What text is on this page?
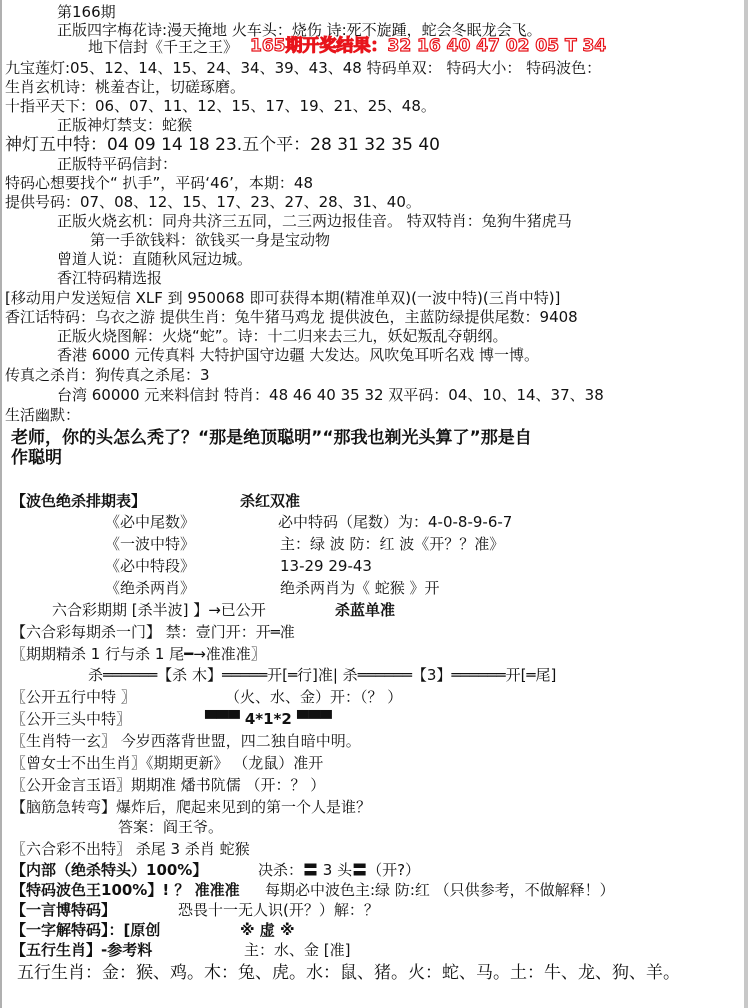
第166期
正版四字梅花诗:漫天掩地 火车头：烧伤 诗:死不旋踵，蛇会冬眠龙会飞。
地下信封《千王之王》 165期开奖结果：32 16 40 47 02 05 T 34
九宝莲灯:05、12、14、15、24、34、39、43、48 特码单双： 特码大小： 特码波色：
生肖玄机诗：桃羞杏让，切磋琢磨。
十指平天下：06、07、11、12、15、17、19、21、25、48。
正版神灯禁支：蛇猴
神灯五中特：04 09 14 18 23.五个平：28 31 32 35 40
正版特平码信封：
特码心想要找个“ 扒手”，平码‘46’，本期：48
提供号码：07、08、12、15、17、23、27、28、31、40。
正版火烧玄机：同舟共济三五同，二三两边报佳音。 特双特肖：兔狗牛猪虎马
第一手欲钱料：欲钱买一身是宝动物
曾道人说：直随秋风冠边城。
香江特码精选报
[移动用户发送短信 XLF 到 950068 即可获得本期(精准单双)(一波中特)(三肖中特)]
香江话特码：乌衣之游 提供生肖：兔牛猪马鸡龙 提供波色，主蓝防绿提供尾数：9408
正版火烧图解：火烧“蛇”。诗：十二归来去三九，妖妃叛乱夺朝纲。
香港 6000 元传真料 大特护国守边疆 大发达。风吹兔耳听名戏 博一博。
传真之杀肖：狗传真之杀尾：3
台湾 60000 元来料信封 特肖：48 46 40 35 32 双平码：04、10、14、37、38
生活幽默：
老师，你的头怎么秃了？“那是绝顶聪明”“那我也剃光头算了”那是自
作聪明
【波色绝杀排期表】	杀红双准
《必中尾数》	必中特码（尾数）为：4-0-8-9-6-7
《一波中特》	主：绿 波 防：红 波《开？？准》
《必中特段》	13-29 29-43
《绝杀两肖》	绝杀两肖为《 蛇猴 》开
六合彩期期 [杀半波] 】→已公开	杀蓝单准
【六合彩每期杀一门】 禁：壹门开：开═准
〖期期精杀 1 行与杀 1 尾━→准准准〗
杀══════【杀 木】═════开[═行]准| 杀══════【3】══════开[═尾]
〖公开五行中特 〗	（火、水、金）开：（？ ）
〖公开三头中特〗	▀▀▀ 4*1*2 ▀▀▀
〖生肖特一玄〗 今岁西落背世盟，四二独自暗中明。
〖曾女士不出生肖〗《期期更新》 （龙鼠）准开
〖公开金言玉语〗期期准 燔书阬儒 （开：？ ）
【脑筋急转弯】爆炸后，爬起来见到的第一个人是谁？
答案：阎王爷。
〖六合彩不出特〗 杀尾 3 杀肖 蛇猴
【内部（绝杀特头）100%】	决杀：〓 3 头〓（开?）
【特码波色王100%】! ？ 准准准 每期必中波色主:绿 防:红 （只供参考，不做解释！）
【一言博特码】	恐畏十一无人识(开？）解：？
【一字解特码】：[原创	※ 虚 ※
【五行生肖】-参考料	主：水、金 [准]
五行生肖：金：猴、鸡。木：兔、虎。水：鼠、猪。火：蛇、马。土：牛、龙、狗、羊。
